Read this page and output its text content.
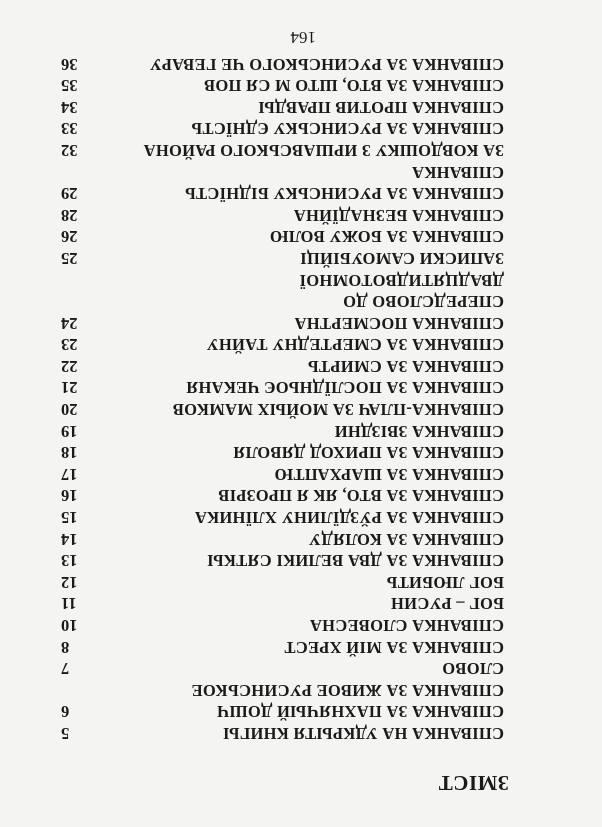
ЗМІСТ
СПІВАНКА НА УДКРЫТЯ КНИГЫ
5
СПІВАНКА ЗА ПАХНЯЧЫЙ ДОШЧ
6
СПІВАНКА ЗА ЖИВОЕ РУСИНСЬКОЕ
СЛОВО
7
СПІВАНКА ЗА МІЙ ХРЕСТ
8
СПІВАНКА СЛОВЕСНА
10
БОГ – РУСИН
11
БОГ ЛЮБИТЬ
12
СПІВАНКА ЗА ДВА ВЕЛИКІ СЯТКЫ
13
СПІВАНКА ЗА КОЛЯДУ
14
СПІВАНКА ЗА РЎЗДЇЛИНУ ХЛЇНИКА
15
СПІВАНКА ЗА ВТО, ЯК Я ПРОЗРІВ
16
СПІВАНКА ЗА ШАРХАПТЮ
17
СПІВАНКА ЗА ПРИХОД ДЯВОЛЯ
18
СПІВАНКА ЗВІЗДНИ
19
СПІВАНКА-ПЛАЧ ЗА МОЙЫХ МАМКОВ
20
СПІВАНКА ЗА ПОСЛЇДНЬОЄ ЧЕКАНЯ
21
СПІВАНКА ЗА СМИРТЬ
22
СПІВАНКА ЗА СМЕРТЕДНУ ТАЙНУ
23
СПІВАНКА ПОСМЕРТНА
24
СПЕРЕДСЛОВО ДО
ДВАДЦЯТИДВОТОМНОЇ
ЗАПИСКИ САМОУБІЙЦІ
25
СПІВАНКА ЗА БОЖУ ВОЛЮ
26
СПІВАНКА БЕЗНАДЇЙНА
28
СПІВАНКА ЗА РУСИНСЬКУ БІДНЇСТЬ
29
СПІВАНКА
ЗА КОВДОШКУ З ИРШАВСЬКОГО РАЙОНА
32
СПІВАНКА ЗА РУСИНСЬКУ ЄДНЇСТЬ
33
СПІВАНКА ПРОТИВ ПРАВДЫ
34
СПІВАНКА ЗА ВТО, ШТО М СЯ ПОВ
35
СПІВАНКА ЗА РУСИНСЬКОГО ЧЕ ГЕВАРУ
36
164
